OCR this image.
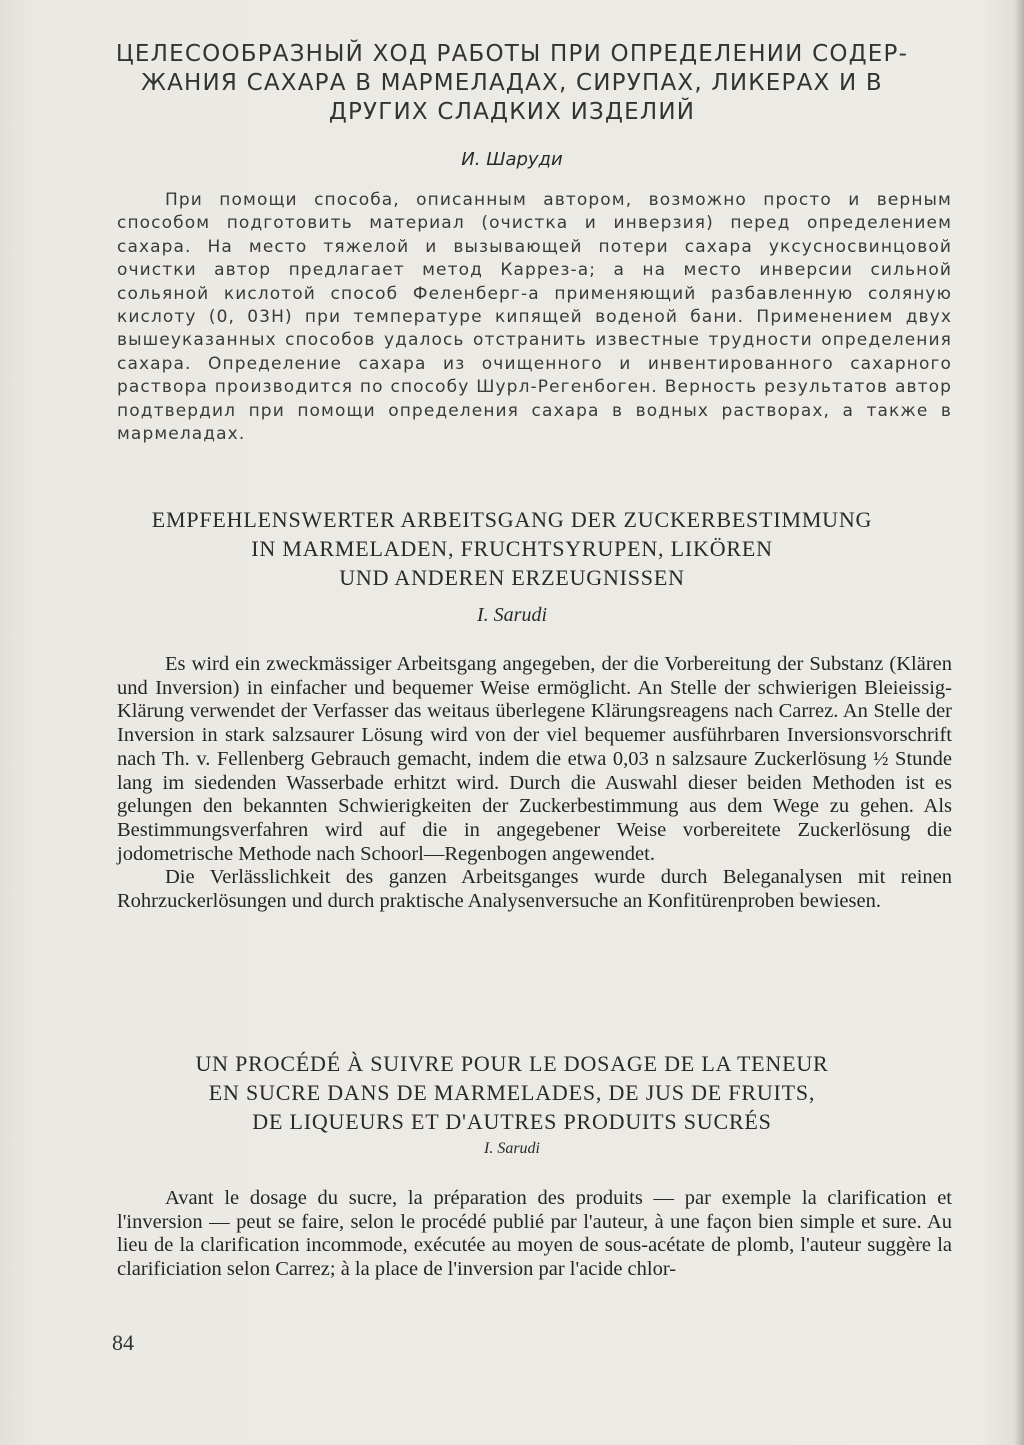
ЦЕЛЕСООБРАЗНЫЙ ХОД РАБОТЫ ПРИ ОПРЕДЕЛЕНИИ СОДЕР-
ЖАНИЯ САХАРА В МАРМЕЛАДАХ, СИРУПАХ, ЛИКЕРАХ И В
ДРУГИХ СЛАДКИХ ИЗДЕЛИЙ

И. Шаруди

При помощи способа, описанным автором, возможно просто и верным способом подготовить материал (очистка и инверзия) перед определением сахара. На место тяжелой и вызывающей потери сахара уксусносвинцовой очистки автор предлагает метод Каррез-а; а на место инверсии сильной сольяной кислотой способ Феленберг-а применяющий разбавленную соляную кислоту (0, 03Н) при температуре кипящей воденой бани. Применением двух вышеуказанных способов удалось отстранить известные трудности определения сахара. Определение сахара из очищенного и инвентированного сахарного раствора производится по способу Шурл-Регенбоген. Верность результатов автор подтвердил при помощи определения сахара в водных растворах, а также в мармеладах.

EMPFEHLENSWERTER ARBEITSGANG DER ZUCKERBESTIMMUNG
IN MARMELADEN, FRUCHTSYRUPEN, LIKÖREN
UND ANDEREN ERZEUGNISSEN

I. Sarudi

Es wird ein zweckmässiger Arbeitsgang angegeben, der die Vorbereitung der Substanz (Klären und Inversion) in einfacher und bequemer Weise ermöglicht. An Stelle der schwierigen Bleieissig-Klärung verwendet der Verfasser das weitaus überlegene Klärungsreagens nach Carrez. An Stelle der Inversion in stark salzsaurer Lösung wird von der viel bequemer ausführbaren Inversionsvorschrift nach Th. v. Fellenberg Gebrauch gemacht, indem die etwa 0,03 n salzsaure Zuckerlösung ½ Stunde lang im siedenden Wasserbade erhitzt wird. Durch die Auswahl dieser beiden Methoden ist es gelungen den bekannten Schwierigkeiten der Zuckerbestimmung aus dem Wege zu gehen. Als Bestimmungsverfahren wird auf die in angegebener Weise vorbereitete Zuckerlösung die jodometrische Methode nach Schoorl—Regenbogen angewendet.

Die Verlässlichkeit des ganzen Arbeitsganges wurde durch Beleganalysen mit reinen Rohrzuckerlösungen und durch praktische Analysenversuche an Konfitürenproben bewiesen.

UN PROCÉDÉ À SUIVRE POUR LE DOSAGE DE LA TENEUR
EN SUCRE DANS DE MARMELADES, DE JUS DE FRUITS,
DE LIQUEURS ET D'AUTRES PRODUITS SUCRÉS

I. Sarudi

Avant le dosage du sucre, la préparation des produits — par exemple la clarification et l'inversion — peut se faire, selon le procédé publié par l'auteur, à une façon bien simple et sure. Au lieu de la clarification incommode, exécutée au moyen de sous-acétate de plomb, l'auteur suggère la clarificiation selon Carrez; à la place de l'inversion par l'acide chlor-

84
